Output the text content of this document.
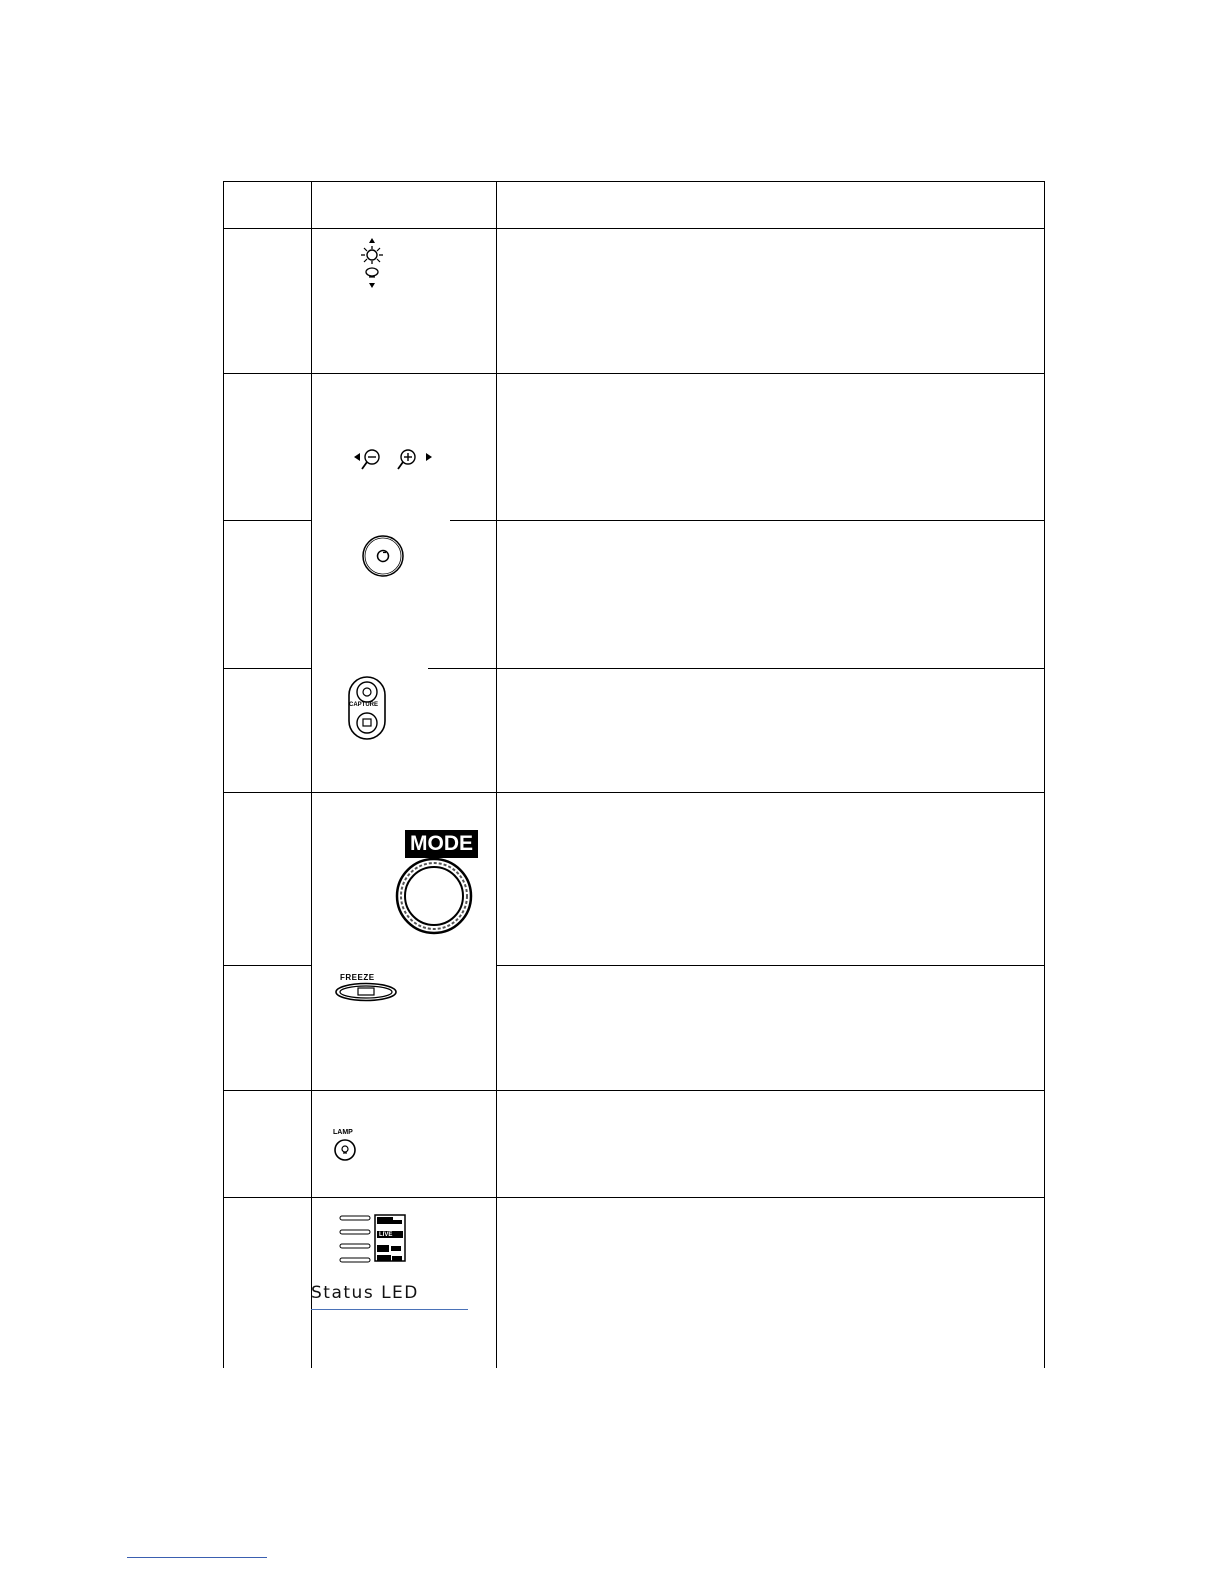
CAPTURE
MODE
FREEZE
LAMP
LIVE
Status LED
